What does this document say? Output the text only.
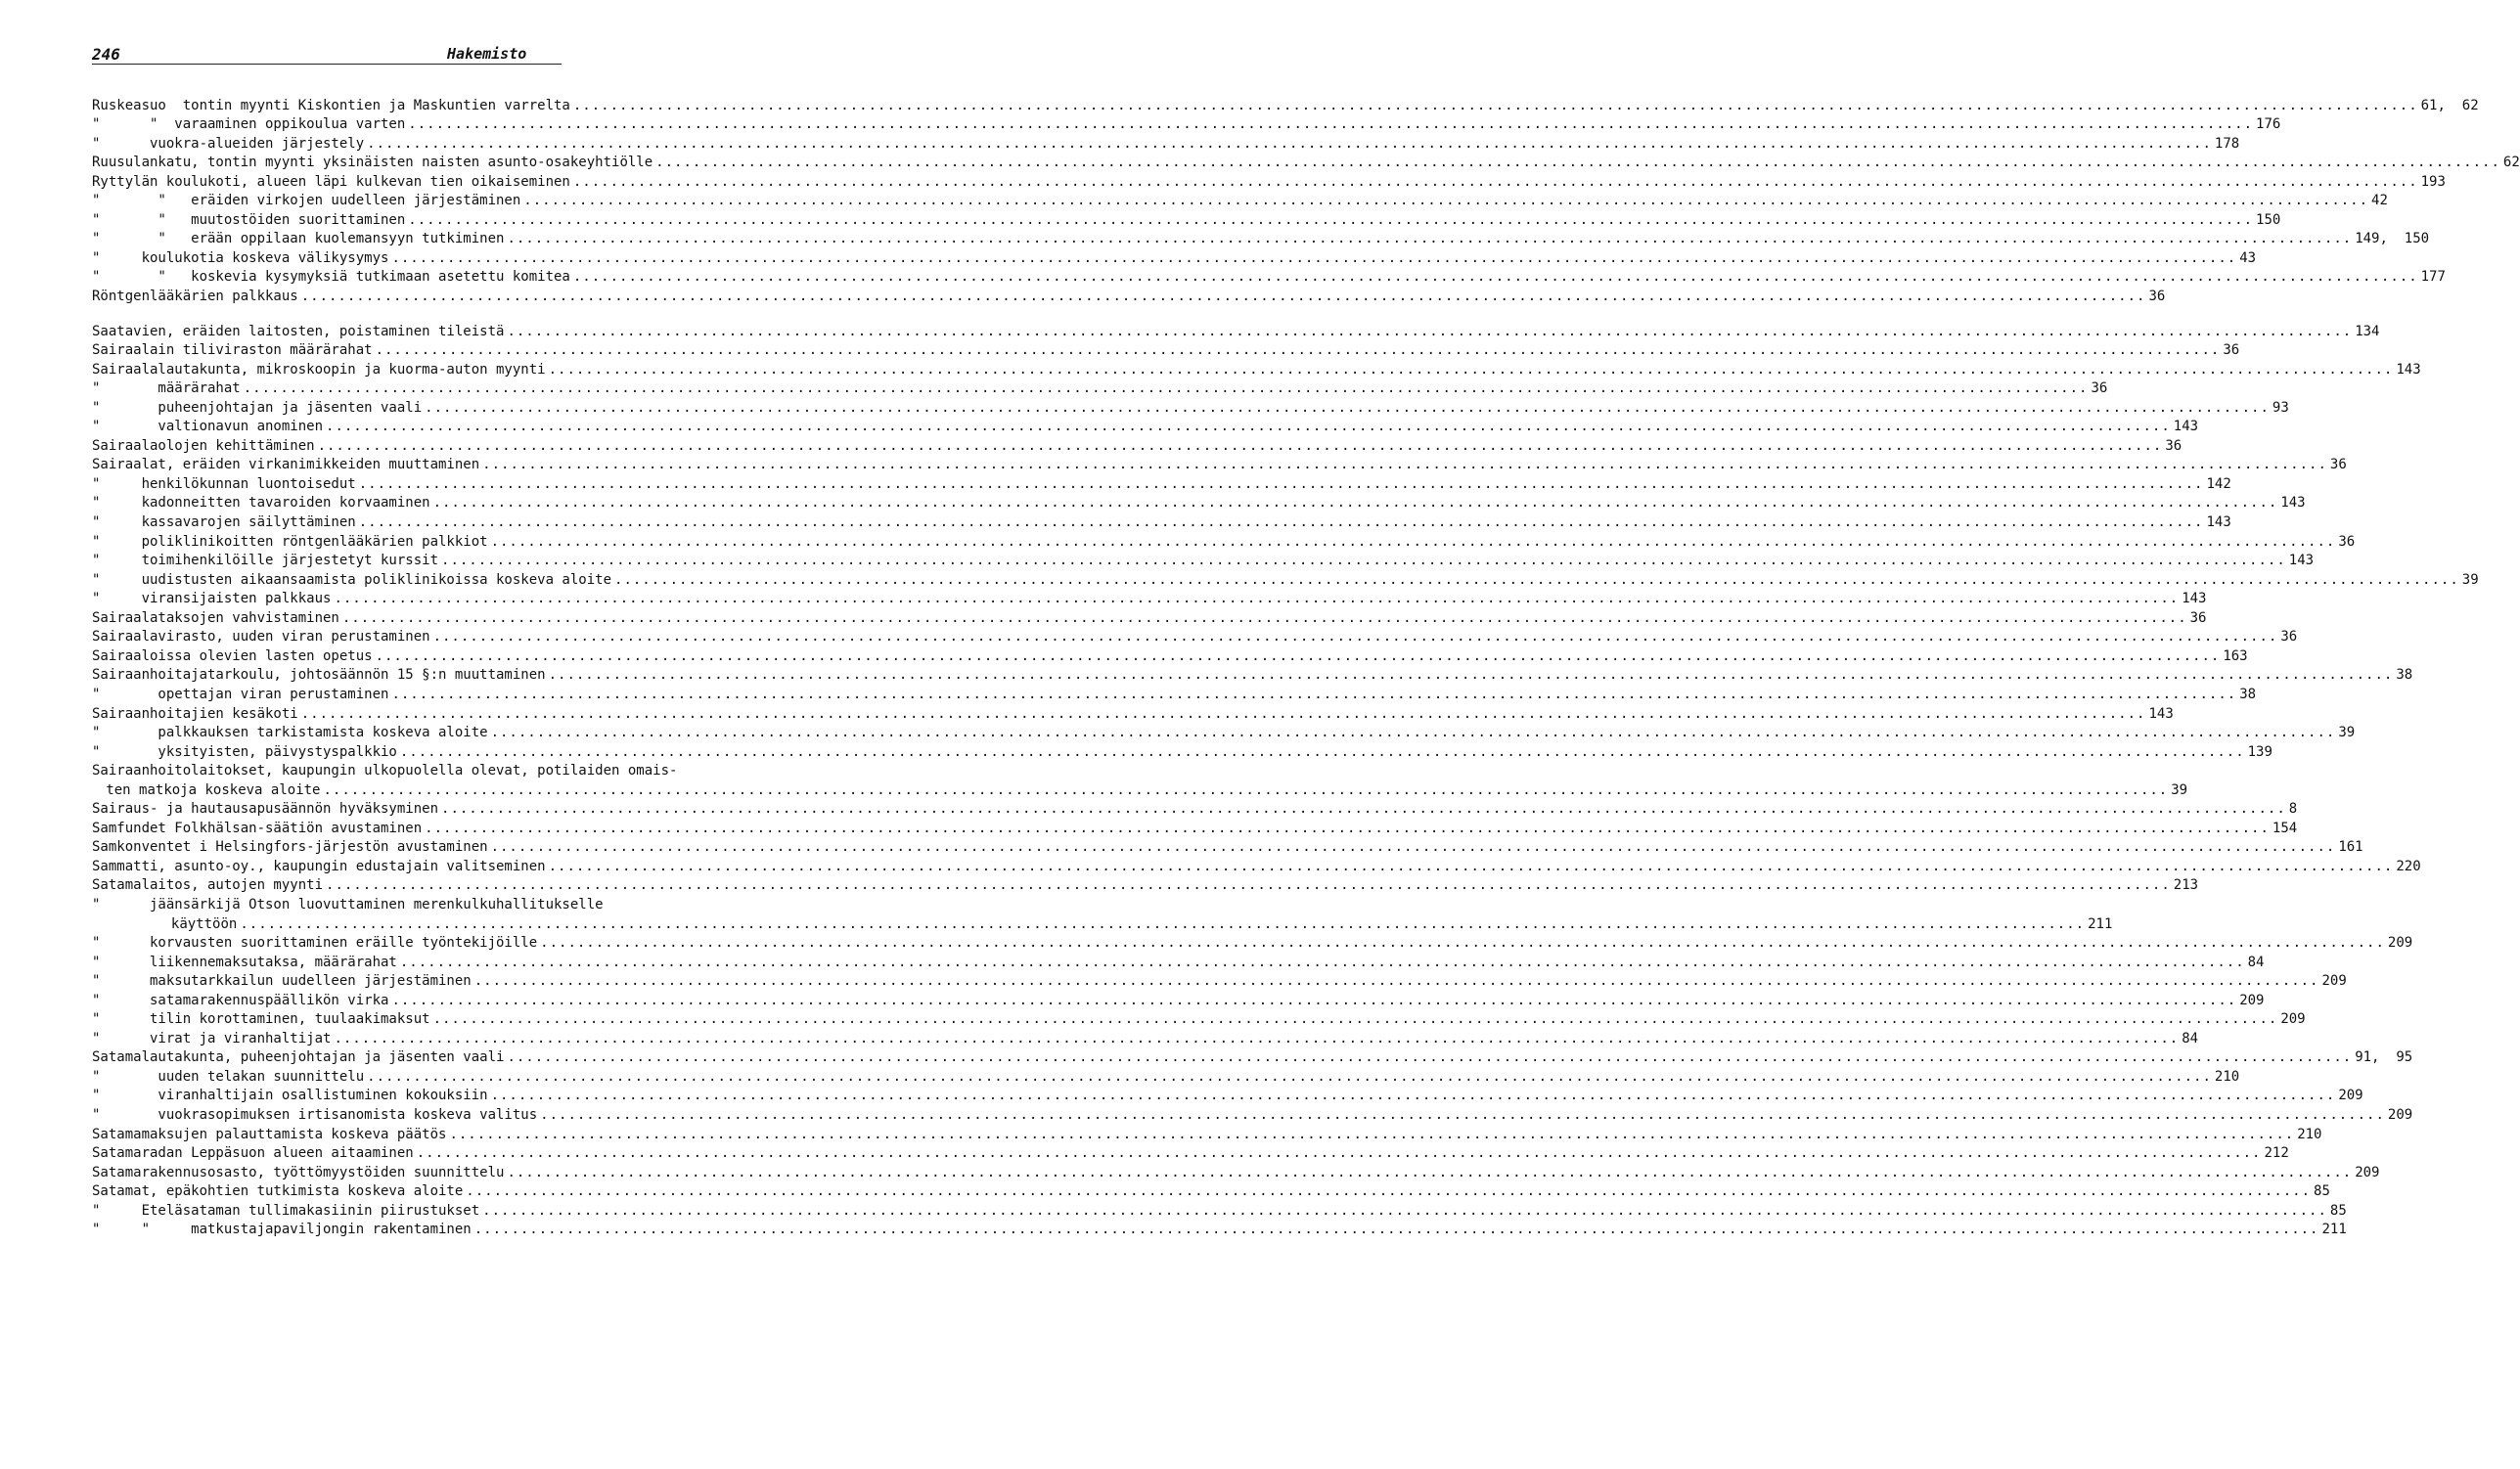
246	Hakemisto
Ruskeasuo  tontin myynti Kiskontien ja Maskuntien varrelta ........................................................................................................................................................................................................ 61,  62
"      "  varaaminen oppikoulua varten ........................................................................................................................................................................................................ 176
"      vuokra-alueiden järjestely ........................................................................................................................................................................................................ 178
Ruusulankatu, tontin myynti yksinäisten naisten asunto-osakeyhtiölle ........................................................................................................................................................................................................ 62
Ryttylän koulukoti, alueen läpi kulkevan tien oikaiseminen ........................................................................................................................................................................................................ 193
"       "   eräiden virkojen uudelleen järjestäminen ........................................................................................................................................................................................................ 42
"       "   muutostöiden suorittaminen ........................................................................................................................................................................................................ 150
"       "   erään oppilaan kuolemansyyn tutkiminen ........................................................................................................................................................................................................ 149,  150
"     koulukotia koskeva välikysymys ........................................................................................................................................................................................................ 43
"       "   koskevia kysymyksiä tutkimaan asetettu komitea ........................................................................................................................................................................................................ 177
Röntgenlääkärien palkkaus ........................................................................................................................................................................................................ 36
Saatavien, eräiden laitosten, poistaminen tileistä ........................................................................................................................................................................................................ 134
Sairaalain tiliviraston määrärahat ........................................................................................................................................................................................................ 36
Sairaalalautakunta, mikroskoopin ja kuorma-auton myynti ........................................................................................................................................................................................................ 143
"       määrärahat ........................................................................................................................................................................................................ 36
"       puheenjohtajan ja jäsenten vaali ........................................................................................................................................................................................................ 93
"       valtionavun anominen ........................................................................................................................................................................................................ 143
Sairaalaolojen kehittäminen ........................................................................................................................................................................................................ 36
Sairaalat, eräiden virkanimikkeiden muuttaminen ........................................................................................................................................................................................................ 36
"     henkilökunnan luontoisedut ........................................................................................................................................................................................................ 142
"     kadonneitten tavaroiden korvaaminen ........................................................................................................................................................................................................ 143
"     kassavarojen säilyttäminen ........................................................................................................................................................................................................ 143
"     poliklinikoitten röntgenlääkärien palkkiot ........................................................................................................................................................................................................ 36
"     toimihenkilöille järjestetyt kurssit ........................................................................................................................................................................................................ 143
"     uudistusten aikaansaamista poliklinikoissa koskeva aloite ........................................................................................................................................................................................................ 39
"     viransijaisten palkkaus ........................................................................................................................................................................................................ 143
Sairaalataksojen vahvistaminen ........................................................................................................................................................................................................ 36
Sairaalavirasto, uuden viran perustaminen ........................................................................................................................................................................................................ 36
Sairaaloissa olevien lasten opetus ........................................................................................................................................................................................................ 163
Sairaanhoitajatarkoulu, johtosäännön 15 §:n muuttaminen ........................................................................................................................................................................................................ 38
"       opettajan viran perustaminen ........................................................................................................................................................................................................ 38
Sairaanhoitajien kesäkoti ........................................................................................................................................................................................................ 143
"       palkkauksen tarkistamista koskeva aloite ........................................................................................................................................................................................................ 39
"       yksityisten, päivystyspalkkio ........................................................................................................................................................................................................ 139
Sairaanhoitolaitokset, kaupungin ulkopuolella olevat, potilaiden omais-
ten matkoja koskeva aloite ........................................................................................................................................................................................................ 39
Sairaus- ja hautausapusäännön hyväksyminen ........................................................................................................................................................................................................ 8
Samfundet Folkhälsan-säätiön avustaminen ........................................................................................................................................................................................................ 154
Samkonventet i Helsingfors-järjestön avustaminen ........................................................................................................................................................................................................ 161
Sammatti, asunto-oy., kaupungin edustajain valitseminen ........................................................................................................................................................................................................ 220
Satamalaitos, autojen myynti ........................................................................................................................................................................................................ 213
"      jäänsärkijä Otson luovuttaminen merenkulkuhallitukselle
käyttöön ........................................................................................................................................................................................................ 211
"      korvausten suorittaminen eräille työntekijöille ........................................................................................................................................................................................................ 209
"      liikennemaksutaksa, määrärahat ........................................................................................................................................................................................................ 84
"      maksutarkkailun uudelleen järjestäminen ........................................................................................................................................................................................................ 209
"      satamarakennuspäällikön virka ........................................................................................................................................................................................................ 209
"      tilin korottaminen, tuulaakimaksut ........................................................................................................................................................................................................ 209
"      virat ja viranhaltijat ........................................................................................................................................................................................................ 84
Satamalautakunta, puheenjohtajan ja jäsenten vaali ........................................................................................................................................................................................................ 91,  95
"       uuden telakan suunnittelu ........................................................................................................................................................................................................ 210
"       viranhaltijain osallistuminen kokouksiin ........................................................................................................................................................................................................ 209
"       vuokrasopimuksen irtisanomista koskeva valitus ........................................................................................................................................................................................................ 209
Satamamaksujen palauttamista koskeva päätös ........................................................................................................................................................................................................ 210
Satamaradan Leppäsuon alueen aitaaminen ........................................................................................................................................................................................................ 212
Satamarakennusosasto, työttömyystöiden suunnittelu ........................................................................................................................................................................................................ 209
Satamat, epäkohtien tutkimista koskeva aloite ........................................................................................................................................................................................................ 85
"     Eteläsataman tullimakasiinin piirustukset ........................................................................................................................................................................................................ 85
"     "     matkustajapaviljongin rakentaminen ........................................................................................................................................................................................................ 211
